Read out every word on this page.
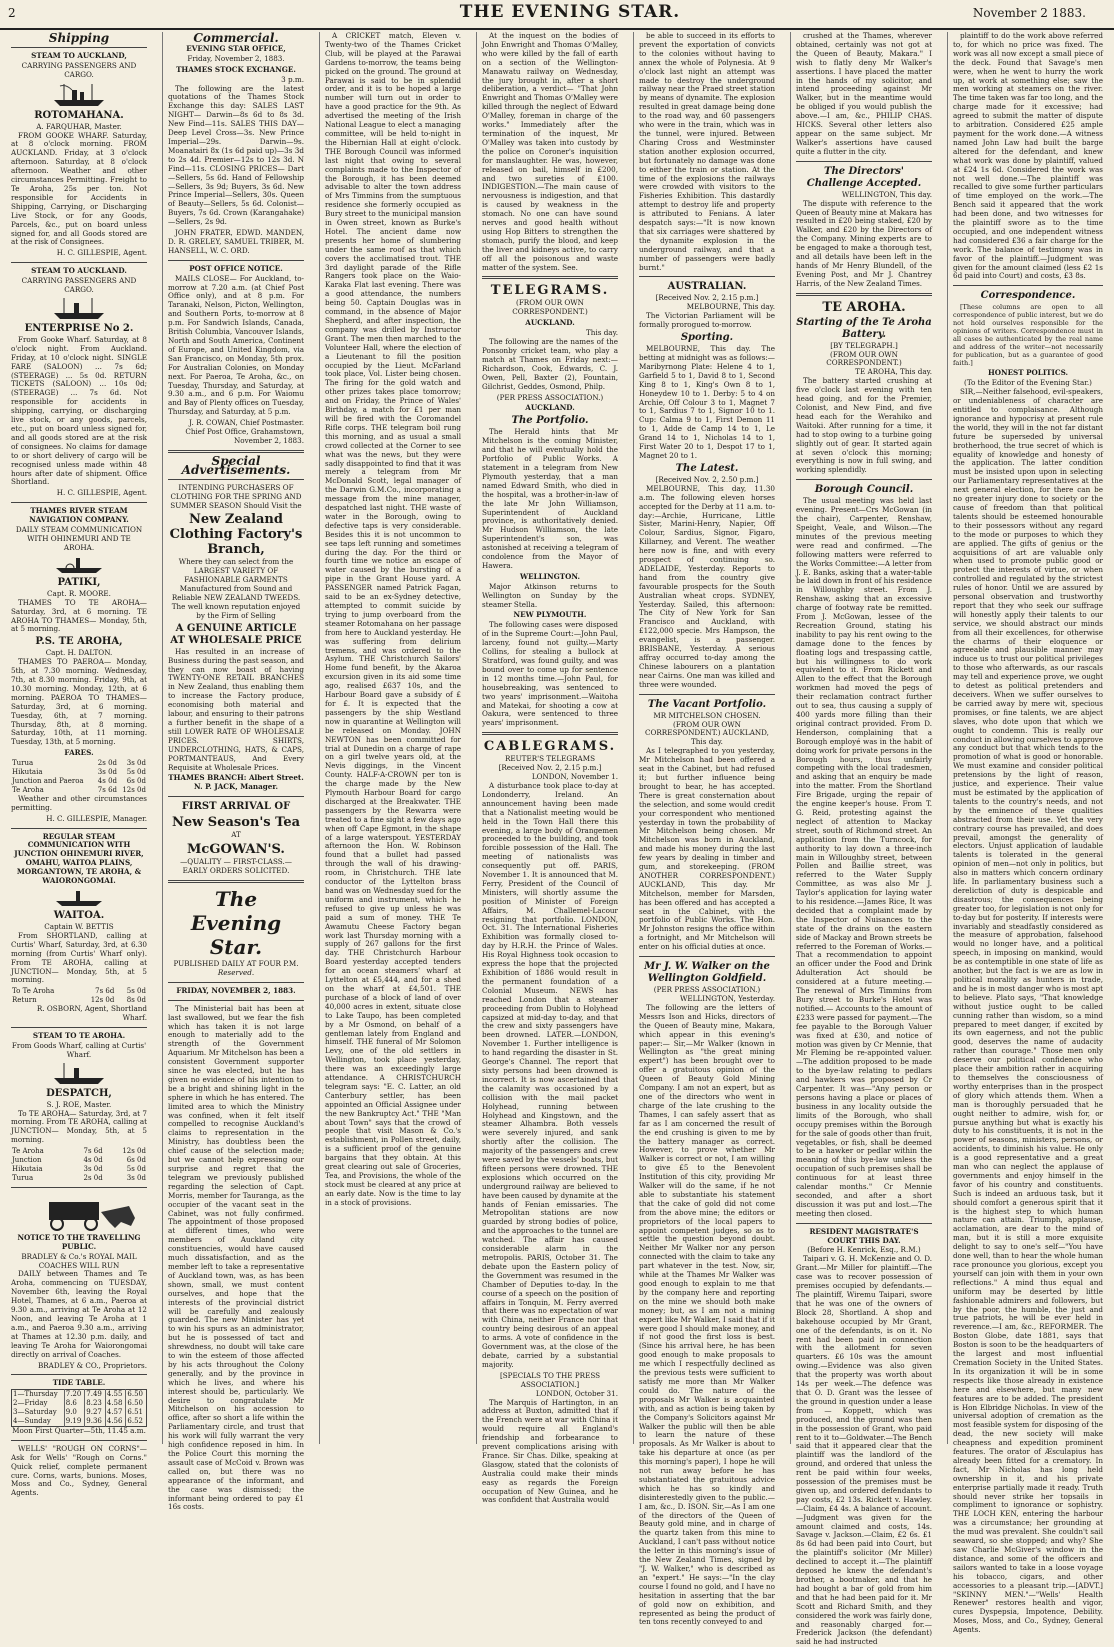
2	THE EVENING STAR.	November 2 1883.
Shipping
STEAM TO AUCKLAND,
CARRYING PASSENGERS AND CARGO.
ROTOMAHANA.
A. FARQUHAR, Master.

FROM GOOKE WHARF. Saturday, at 8 o'clock morning. FROM AUCKLAND. Friday, at 3 o'clock afternoon. Saturday, at 8 o'clock afternoon. Weather and other circumstances Permitting. Freight to Te Aroha, 25s per ton. Not responsible for Accidents in Shipping, Carrying, or Discharging Live Stock, or for any Goods, Parcels, &c., put on board unless signed for, and all Goods stored are at the risk of Consignees.

H. C. GILLESPIE, Agent.
STEAM TO AUCKLAND.
CARRYING PASSENGERS AND CARGO.
ENTERPRISE No 2.

From Gooke Wharf. Saturday, at 8 o'clock night. From Auckland. Friday, at 10 o'clock night. SINGLE FARE (SALOON) ... 7s 6d; (STEERAGE) ... 5s 0d. RETURN TICKETS (SALOON) ... 10s 0d; (STEERAGE) ... 7s 6d. Not responsible for accidents in shipping, carrying, or discharging live stock, or any goods, parcels, etc., put on board unless signed for, and all goods stored are at the risk of consignees. No claims for damage to or short delivery of cargo will be recognised unless made within 48 hours after date of shipment. Office Shortland.

H. C. GILLESPIE, Agent.
THAMES RIVER STEAM NAVIGATION COMPANY.
DAILY STEAM COMMUNICATION WITH OHINEMURI AND TE AROHA.
PATIKI,
Capt. R. MOORE.

THAMES TO TE AROHA— Saturday, 3rd, at 6 morning. TE AROHA TO THAMES— Monday, 5th, at 5 morning.

P.S. TE AROHA,
Capt. H. DALTON.

THAMES TO PAEROA— Monday, 5th, at 7.30 morning. Wednesday, 7th, at 8.30 morning. Friday, 9th, at 10.30 morning. Monday, 12th, at 6 morning. PAEROA TO THAMES— Saturday, 3rd, at 6 morning. Tuesday, 6th, at 7 morning. Thursday, 8th, at 8 morning. Saturday, 10th, at 11 morning. Tuesday, 13th, at 5 morning.

FARES.
Turua	2s 0d	3s 0d
Hikutaia	3s 0d	5s 0d
Junction and Paeroa	4s 0d	6s 0d
Te Aroha	7s 6d	12s 0d

Weather and other circumstances permitting.

H. C. GILLESPIE, Manager.
REGULAR STEAM COMMUNICATION WITH JUNCTION OHINEMURI RIVER, OMAHU, WAITOA PLAINS, MORGANTOWN, TE AROHA, & WAIORONGOMAI.
WAITOA.
Captain W. BETTIS

From SHORTLAND, calling at Curtis' Wharf, Saturday, 3rd, at 6.30 morning (from Curtis' Wharf only). From TE AROHA, calling at JUNCTION— Monday, 5th, at 5 morning.

To Te Aroha	7s 6d	5s 0d
Return	12s 0d	8s 0d
R. OSBORN, Agent, Shortland Wharf.
STEAM TO TE AROHA.
From Goods Wharf, calling at Curtis' Wharf.
DESPATCH,
S. J. ROE, Master.

To TE AROHA— Saturday, 3rd, at 7 morning. From TE AROHA, calling at JUNCTION— Monday, 5th, at 5 morning.

Te Aroha	7s 6d	12s 0d
Junction	4s 0d	6s 0d
Hikutaia	3s 0d	5s 0d
Turua	2s 0d	3s 0d
NOTICE TO THE TRAVELLING PUBLIC.
BRADLEY & Co.'s ROYAL MAIL COACHES WILL RUN

DAILY between Thames and Te Aroha, commencing on TUESDAY, November 6th, leaving the Royal Hotel, Thames, at 6 a.m., Paeroa at 9.30 a.m., arriving at Te Aroha at 12 Noon, and leaving Te Aroha at 1 a.m., and Paeroa 9.30 a.m., arriving at Thames at 12.30 p.m. daily, and leaving Te Aroha for Waiorongomai directly on arrival of Coaches.

BRADLEY & CO., Proprietors.
TIDE TABLE.
1—Thursday	7.20	7.49	4.55	6.50
2—Friday	8.6	8.23	4.58	6.50
3—Saturday	9.0	9.27	4.57	6.51
4—Sunday	9.19	9.36	4.56	6.52
Moon First Quarter—5th, 11.45 a.m.

WELLS' "ROUGH ON CORNS"—Ask for Wells' "Rough on Corns." Quick relief, complete permanent cure. Corns, warts, bunions. Moses, Moss and Co., Sydney, General Agents.

Commercial.
EVENING STAR OFFICE,
Friday, November 2, 1883.
THAMES STOCK EXCHANGE.
3 p.m.

The following are the latest quotations of the Thames Stock Exchange this day: SALES LAST NIGHT— Darwin—8s 6d to 8s 3d. New Find—11s. SALES THIS DAY— Deep Level Cross—3s. New Prince Imperial—29s. Darwin—9s. Moanatairi 8x (1s 6d paid up)—3s 3d to 2s 4d. Premier—12s to 12s 3d. N Find—11s. CLOSING PRICES— Dart—Sellers, 5s 6d. Hand of Fellowship—Sellers, 3s 9d; Buyers, 3s 6d. New Prince Imperial—Sellers, 30s. Queen of Beauty—Sellers, 5s 6d. Colonist—Buyers, 7s 6d. Crown (Karangahake)—Sellers, 2s 9d.

JOHN FRATER, EDWD. MANDEN, D. R. GRELEY, SAMUEL TRIBER, M. HANSELL, W. C. ORD.

POST OFFICE NOTICE.

MAILS CLOSE— For Auckland, to-morrow at 7.20 a.m. (at Chief Post Office only), and at 8 p.m. For Taranaki, Nelson, Picton, Wellington, and Southern Ports, to-morrow at 8 p.m. For Sandwich Islands, Canada, British Columbia, Vancouver Islands, North and South America, Continent of Europe, and United Kingdom, via San Francisco, on Monday, 5th prox. For Australian Colonies, on Monday next. For Paeroa, Te Aroha, &c., on Tuesday, Thursday, and Saturday, at 9.30 a.m., and 6 p.m. For Waiomu and Bay of Plenty offices on Tuesday, Thursday, and Saturday, at 5 p.m.

J. R. COWAN, Chief Postmaster. Chief Post Office, Grahamstown, November 2, 1883.
Special Advertisements.
INTENDING PURCHASERS OF CLOTHING FOR THE SPRING AND SUMMER SEASON Should Visit the
New Zealand Clothing Factory's Branch,
Where they can select from the LARGEST VARIETY OF FASHIONABLE GARMENTS Manufactured from Sound and Reliable NEW ZEALAND TWEEDS.
The well known reputation enjoyed by the Firm of Selling
A GENUINE ARTICLE AT WHOLESALE PRICE

Has resulted in an increase of Business during the past season, and they can now boast of having TWENTY-ONE RETAIL BRANCHES in New Zealand, thus enabling them to increase the Factory produce, economising both material and labour, and ensuring to their patrons a further benefit in the shape of a still LOWER RATE OF WHOLESALE PRICES. SHIRTS, UNDERCLOTHING, HATS, & CAPS, PORTMANTEAUS, And Every Requisite at Wholesale Prices.

THAMES BRANCH: Albert Street. N. P. JACK, Manager.
FIRST ARRIVAL OF
New Season's Tea
AT
McGOWAN'S.
—QUALITY — FIRST-CLASS.— EARLY ORDERS SOLICITED.
The Evening Star.
PUBLISHED DAILY AT FOUR P.M.
Reserved.
FRIDAY, NOVEMBER 2, 1883.

The Ministerial bait has been at last swallowed, but we fear the fish which has taken it is not large enough to materially add to the strength of the Government Aquarium. Mr Mitchelson has been a consistent Government supporter since he was elected, but he has given no evidence of his intention to be a bright and shining light in the sphere in which he has entered. The limited area to which the Ministry was confined, when it felt itself compelled to recognise Auckland's claims to representation in the Ministry, has doubtless been the chief cause of the selection made; but we cannot help expressing our surprise and regret that the telegram we previously published regarding the selection of Capt. Morris, member for Tauranga, as the occupier of the vacant seat in the Cabinet, was not fully confirmed. The appointment of those proposed at different times, who were members of Auckland city constituencies, would have caused much dissatisfaction, and as the member left to take a representative of Auckland town, was, as has been shown, small, we must content ourselves, and hope that the interests of the provincial district will be carefully and zealously guarded. The new Minister has yet to win his spurs as an administrator, but he is possessed of tact and shrewdness, no doubt will take care to win the esteem of those affected by his acts throughout the Colony generally, and by the province in which he lives, and where his interest should be, particularly. We desire to congratulate Mr Mitchelson on his accession to office, after so short a life within the Parliamentary circle, and trust that his work will fully warrant the very high confidence reposed in him. In the Police Court this morning the assault case of McCoid v. Brown was called on, but there was no appearance of the informant, and the case was dismissed; the informant being ordered to pay £1 16s costs.

A CRICKET match, Eleven v. Twenty-two of the Thames Cricket Club, will be played at the Parawai Gardens to-morrow, the teams being picked on the ground. The ground at Parawai is said to be in splendid order, and it is to be hoped a large number will turn out in order to have a good practice for the 9th. As advertised the meeting of the Irish National League to elect a managing committee, will be held to-night in the Hibernian Hall at eight o'clock. THE Borough Council was informed last night that owing to several complaints made to the Inspector of the Borough, it has been deemed advisable to alter the town address of Mrs Timmins from the sumptuous residence she formerly occupied as Bury street to the municipal mansion in Owen street, known as Burke's Hotel. The ancient dame now presents her home of slumbering under the same roof as that which covers the acclimatised trout. THE 3rd daylight parade of the Rifle Rangers took place on the Waio-Karaka Flat last evening. There was a good attendance, the numbers being 50. Captain Douglas was in command, in the absence of Major Shepherd, and after inspection, the company was drilled by Instructor Grant. The men then marched to the Volunteer Hall, where the election of a Lieutenant to fill the position occupied by the Lieut. McFarland took place, Vol. Lister being chosen. The firing for the gold watch and other prizes takes place tomorrow; and on Friday, the Prince of Wales' Birthday, a match for £1 per man will be fired with the Coromandel Rifle corps. THE telegram boil rung this morning, and as usual a small crowd collected at the Corner to see what was the news, but they were sadly disappointed to find that it was merely a telegram from Mr McDonald Scott, legal manager of the Darwin G.M.Co., incorporating a message from the mine manager, despatched last night. THE waste of water in the Borough, owing to defective taps is very considerable. Besides this it is not uncommon to see taps left running and sometimes during the day. For the third or fourth time we notice an escape of water caused by the bursting of a pipe in the Grant House yard. A PASSENGER named Patrick Fagan, said to be an ex-Sydney detective, attempted to commit suicide by trying to jump overboard from the steamer Rotomahana on her passage from here to Auckland yesterday. He was suffering from delirium tremens, and was ordered to the Asylum. THE Christchurch Sailors' Home fund benefit, by the Akaroa excursion given in its aid some time ago, realised £637 10s, and the Harbour Board gave a subsidy of £ for £. It is expected that the passengers by the ship Westland now in quarantine at Wellington will be released on Monday. JOHN NEWTON has been committed for trial at Dunedin on a charge of rape on a girl twelve years old, at the Nevis diggings, in the Vincent County. HALF-A-CROWN per ton is the charge made by the New Plymouth Harbour Board for cargo discharged at the Breakwater. THE passengers by the Rewarra were treated to a fine sight a few days ago when off Cape Egmont, in the shape of a large waterspout. YESTERDAY afternoon the Hon. W. Robinson found that a bullet had passed through the wall of his drawing-room, in Christchurch. THE late conductor of the Lyttelton brass band was on Wednesday sued for the uniform and instrument, which he refused to give up unless he was paid a sum of money. THE Te Awamutu Cheese Factory began work last Thursday morning with a supply of 267 gallons for the first day. THE Christchurch Harbour Board yesterday accepted tenders for an ocean steamers' wharf at Lyttelton at £5,444, and for a shed on the wharf at £4,501. THE purchase of a block of land of over 40,000 acres in extent, situate close to Lake Taupo, has been completed by a Mr Osmond, on behalf of a gentleman lately from England and himself. THE funeral of Mr Solomon Levy, one of the old settlers in Wellington, took place yesterday, there was an exceedingly large attendance. A CHRISTCHURCH telegram says: "E. C. Latter, an old Canterbury settler, has been appointed an Official Assignee under the new Bankruptcy Act." THE "Man about Town" says that the crowd of people that visit Mason & Co.'s establishment, in Pollen street, daily, is a sufficient proof of the genuine bargains that they obtain. At this great clearing out sale of Groceries, Tea, and Provisions, the whole of the stock must be cleared at any price at an early date. Now is the time to lay in a stock of provisions.

At the inquest on the bodies of John Enwright and Thomas O'Malley, who were killed by the fall of earth on a section of the Wellington-Manawatu railway on Wednesday, the jury brought in, after a short deliberation, a verdict— "That John Enwright and Thomas O'Malley were killed through the neglect of Edward O'Malley, foreman in charge of the works." Immediately after the termination of the inquest, Mr O'Malley was taken into custody by the police on Coroner's inquisition for manslaughter. He was, however, released on bail, himself in £200, and two sureties of £100. INDIGESTION.—The main cause of nervousness is indigestion, and that is caused by weakness in the stomach. No one can have sound nerves and good health without using Hop Bitters to strengthen the stomach, purify the blood, and keep the liver and kidneys active, to carry off all the poisonous and waste matter of the system. See.

TELEGRAMS.
(FROM OUR OWN CORRESPONDENT.)
AUCKLAND.
This day.

The following are the names of the Ponsonby cricket team, who play a match at Thames on Friday next:—Richardson, Cook, Edwards, C. J. Owen, Pell, Baxter (2), Fountain, Gilchrist, Geddes, Osmond, Philp.

(PER PRESS ASSOCIATION.)
AUCKLAND.
The Portfolio.

The Herald hints that Mr Mitchelson is the coming Minister, and that he will eventually hold the Portfolio of Public Works. A statement in a telegram from New Plymouth yesterday, that a man named Edward Smith, who died in the hospital, was a brother-in-law of the late Mr John Williamson, Superintendent of Auckland province, is authoritatively denied. Mr Hudson Williamson, the late Superintendent's son, was astonished at receiving a telegram of condolence from the Mayor of Hawera.

WELLINGTON.

Major Atkinson returns to Wellington on Sunday by the steamer Stella.

NEW PLYMOUTH.

The following cases were disposed of in the Supreme Court:—John Paul, larceny, found not guilty.—Marty Collins, for stealing a bullock at Stratford, was found guilty, and was bound over to come up for sentence in 12 months time.—John Paul, for housebreaking, was sentenced to two years' imprisonment.—Waitoha and Matekai, for shooting a cow at Oakura, were sentenced to three years' imprisonment.

CABLEGRAMS.
REUTER'S TELEGRAMS
[Received Nov. 2, 2.15 p.m.]
LONDON, November 1.

A disturbance took place to-day at Londonderry, Ireland. An announcement having been made that a Nationalist meeting would be held in the Town Hall there this evening, a large body of Orangemen proceeded to the building, and took forcible possession of the Hall. The meeting of nationalists was consequently put off. PARIS, November 1. It is announced that M. Ferry, President of the Council of Ministers, will shortly assume the position of Minister of Foreign Affairs, M. Challemel-Lacour resigning that portfolio. LONDON, Oct. 31. The International Fisheries Exhibition was formally closed to-day by H.R.H. the Prince of Wales. His Royal Highness took occasion to express the hope that the projected Exhibition of 1886 would result in the permanent foundation of a Colonial Museum. NEWS has reached London that a steamer proceeding from Dublin to Holyhead capsized at mid-day to-day, and that the crew and sixty passengers have been drowned. LATER.—LONDON, November 1. Further intelligence is to hand regarding the disaster in St. George's Channel. The report that sixty persons had been drowned is incorrect. It is now ascertained that the calamity was occasioned by a collision with the mail packet Holyhead, running between Holyhead and Kingstown, and the steamer Alhambra. Both vessels were severely injured, and sank shortly after the collision. The majority of the passengers and crew were saved by the vessels' boats, but fifteen persons were drowned. THE explosions which occurred on the underground railway are believed to have been caused by dynamite at the hands of Fenian emissaries. The Metropolitan stations are now guarded by strong bodies of police, and the approaches to the tunnel are watched. The affair has caused considerable alarm in the metropolis. PARIS, October 31. The debate upon the Eastern policy of the Government was resumed in the Chamber of Deputies to-day. In the course of a speech on the position of affairs in Tonquin, M. Ferry averred that there was no expectation of war with China, neither France nor that country being desirous of an appeal to arms. A vote of confidence in the Government was, at the close of the debate, carried by a substantial majority.

[SPECIALS TO THE PRESS ASSOCIATION.]
LONDON, October 31.

The Marquis of Hartington, in an address at Buxton, admitted that if the French were at war with China it would require all England's friendship and forbearance to prevent complications arising with France. Sir Chas. Dilke, speaking at Glasgow, stated that the colonists of Australia could make their minds easy as regards the Foreign occupation of New Guinea, and he was confident that Australia would

be able to succeed in its efforts to prevent the exportation of convicts to the colonies without having to annex the whole of Polynesia. At 9 o'clock last night an attempt was made to destroy the underground railway near the Praed street station by means of dynamite. The explosion resulted in great damage being done to the road way, and 60 passengers who were in the train, which was in the tunnel, were injured. Between Charing Cross and Westminster station another explosion occurred, but fortunately no damage was done to either the train or station. At the time of the explosions the railways were crowded with visitors to the Fisheries Exhibition. This dastardly attempt to destroy life and property is attributed to Fenians. A later despatch says:—"It is now known that six carriages were shattered by the dynamite explosion in the underground railway, and that a number of passengers were badly burnt."

AUSTRALIAN.
[Received Nov. 2, 2.15 p.m.]
MELBOURNE, This day.

The Victorian Parliament will be formally prorogued to-morrow.

Sporting.

MELBOURNE, This day. The betting at midnight was as follows:—Maribyrnong Plate: Helene 4 to 1, Garfield 5 to 1, David 8 to 1, Second King 8 to 1, King's Own 8 to 1, Honeydew 10 to 1. Derby: 5 to 4 on Archie, Off Colour 3 to 1, Magnet 7 to 1, Sardius 7 to 1, Signor 10 to 1. Cup: Calma 9 to 1, First Demon 11 to 1, Adde de Camp 14 to 1, Le Grand 14 to 1, Nicholas 14 to 1, First Water 20 to 1, Despot 17 to 1, Magnet 20 to 1.

The Latest.
[Received Nov. 2, 2.50 p.m.]

MELBOURNE, This day, 11.30 a.m. The following eleven horses accepted for the Derby at 11 a.m. to-day:—Archie, Hurricane, Little Sister, Marini-Henry, Napier, Off Colour, Sardius, Signor, Figaro, Killarney, and Verent. The weather here now is fine, and with every prospect of continuing so. ADELAIDE, Yesterday. Reports to hand from the country give favourable prospects for the South Australian wheat crops. SYDNEY, Yesterday. Sailed, this afternoon: The City of New York for San Francisco and Auckland, with £122,000 specie. Mrs Hampson, the evangelist, is a passenger. BRISBANE, Yesterday. A serious affray occurred to-day among the Chinese labourers on a plantation near Cairns. One man was killed and three were wounded.

The Vacant Portfolio.
MR MITCHELSON CHOSEN.
(FROM OUR OWN CORRESPONDENT.) AUCKLAND, This day.

As I telegraphed to you yesterday, Mr Mitchelson had been offered a seat in the Cabinet, but had refused it; but further influence being brought to bear, he has accepted. There is great consternation about the selection, and some would credit your correspondent who mentioned yesterday in town the probability of Mr Mitchelson being chosen. Mr Mitchelson was born in Auckland, and made his money during the last few years by dealing in timber and gum, and storekeeping. (FROM ANOTHER CORRESPONDENT.) AUCKLAND, This day. Mr Mitchelson, member for Marsden, has been offered and has accepted a seat in the Cabinet, with the portfolio of Public Works. The Hon. Mr Johnston resigns the office within a fortnight, and Mr Mitchelson will enter on his official duties at once.

Mr J. W. Walker on the Wellington Goldfield.
(PER PRESS ASSOCIATION.)
WELLINGTON, Yesterday.

The following are the letters of Messrs Ison and Hicks, directors of the Queen of Beauty mine, Makara, which appear in this evening's paper:— Sir,—Mr Walker (known in Wellington as "the great mining expert") has been brought over to offer a gratuitous opinion of the Queen of Beauty Gold Mining Company. I am not an expert, but as one of the directors who went in charge of the late crushing to the Thames, I can safely assert that as far as I am concerned the result of the end crushing is given to me by the battery manager as correct. However, to prove whether Mr Walker is correct or not, I am willing to give £5 to the Benevolent Institution of this city, providing Mr Walker will do the same, if he not able to substantiate his statement that the cake of gold did not come from the above mine; the editors or proprietors of the local papers to appoint competent judges, so as to settle the question beyond doubt. Neither Mr Walker nor any person connected with the claim to take any part whatever in the test. Now, sir, while at the Thames Mr Walker was good enough to explain to me that by the company here and reporting on the mine we should both make money; but, as I am not a mining expert like Mr Walker, I said that if it were good I should make money, and if not good the first loss is best. (Since his arrival here, he has been good enough to make proposals to me which I respectfully declined as the previous tests were sufficient to satisfy me more than Mr Walker could do. The nature of the proposals Mr Walker is acquainted with, and as action is being taken by the Company's Solicitors against Mr Walker the public will then be able to learn the nature of these proposals. As Mr Walker is about to take his departure at once (as per this morning's paper), I hope he will not run away before he has substantiated the gratuitous advice which he has so kindly and disinterestedly given to the public.—I am, &c., D. ISON. Sir,—As I am one of the directors of the Queen of Beauty gold mine, and in charge of the quartz taken from this mine to Auckland, I can't pass without notice the letter in this morning's issue of the New Zealand Times, signed by "J. W. Walker," who is described as an "expert." He says:—"In the clay course I found no gold, and I have no hesitation in asserting that the bar of gold now on exhibition, and represented as being the product of ten tons recently conveyed to and

crushed at the Thames, wherever obtained, certainly was not got at the Queen of Beauty, Makara." I wish to flatly deny Mr Walker's assertions. I have placed the matter in the hands of my solicitor, and intend proceeding against Mr Walker, but in the meantime would be obliged if you would publish the above.—I am, &c., PHILIP CHAS. HICKS. Several other letters also appear on the same subject. Mr Walker's assertions have caused quite a flutter in the city.

The Directors' Challenge Accepted.
WELLINGTON, This day.

The dispute with reference to the Queen of Beauty mine at Makara has resulted in £20 being staked, £20 by Walker, and £20 by the Directors of the Company. Mining experts are to be engaged to make a thorough test, and all details have been left in the hands of Mr Henry Blundell, of the Evening Post, and Mr J. Chantrey Harris, of the New Zealand Times.

TE AROHA.
Starting of the Te Aroha Battery.
[BY TELEGRAPH.]
(FROM OUR OWN CORRESPONDENT.)
TE AROHA, This day.

The battery started crushing at five o'clock last evening with ten head going, and for the Premier, Colonist, and New Find, and five head each for the Werahiko and Waitoki. After running for a time, it had to stop owing to a turbine going slightly out of gear. It started again at seven o'clock this morning; everything is now in full swing, and working splendidly.

Borough Council.

The usual meeting was held last evening. Present—Crs McGowan (in the chair), Carpenter, Renshaw, Speight, Veale, and Wilson.—The minutes of the previous meeting were read and confirmed. —The following matters were referred to the Works Committee:—A letter from J. E. Banks, asking that a water-table be laid down in front of his residence in Willoughby street. From J. Renshaw, asking that an excessive charge of footway rate be remitted. From J. McGowan, lessee of the Recreation Ground, stating his inability to pay his rent owing to the damage done to the fences by floating logs and trespassing cattle, but his willingness to do work equivalent to it. From Rickett and Allen to the effect that the Borough workmen had moved the pegs of their reclamation contract further out to sea, thus causing a supply of 400 yards more filling than their original contract provided. From D. Henderson, complaining that a Borough employé was in the habit of doing work for private persons in the Borough hours, thus unfairly competing with the local tradesmen, and asking that an enquiry be made into the matter. From the Shortland Fire Brigade, urging the repair of the engine keeper's house. From T. G. Reid, protesting against the neglect of attention to Mackay street, south of Richmond street. An application from the Turncock, for authority to lay down a three-inch main in Willoughby street, between Pollen and Baillie street, was referred to the Water Supply Committee, as was also Mr J. Taylor's application for laying water to his residence.—James Rice, It was decided that a complaint made by the Inspector of Nuisances to the state of the drains on the eastern side of Mackay and Brown streets be referred to the Foreman of Works.—That a recommendation to appoint an officer under the Food and Drink Adulteration Act should be considered at a future meeting.—The renewal of Mrs Timmins from Bury street to Burke's Hotel was notified.— Accounts to the amount of £233 were passed for payment.—The fee payable to the Borough Valuer was fixed at £30, and notice of motion was given by Cr Mennie, that Mr Fleming be re-appointed valuer.—The addition proposed to be made to the bye-law relating to pedlars and hawkers was proposed by Cr Carpenter. It was—"Any person or persons having a place or places of business in any locality outside the limits of the Borough, who shall occupy premises within the Borough for the sale of goods other than fruit, vegetables, or fish, shall be deemed to be a hawker or pedlar within the meaning of this bye-law unless the occupation of such premises shall be continuous for at least three calendar months." Cr Mennie seconded, and after a short discussion it was put and lost.—The meeting then closed.

RESIDENT MAGISTRATE'S COURT THIS DAY.
(Before H. Kenrick, Esq., R.M.)

Taipari v. G. H. McKenzie and O. D. Grant.—Mr Miller for plaintiff.—The case was to recover possession of premises occupied by defendants.—The plaintiff, Wiremu Taipari, swore that he was one of the owners of Block 28, Shortland. A shop and bakehouse occupied by Mr Grant, one of the defendants, is on it. No rent had been paid in connection with the allotment for seven quarters. £6 10s was the amount owing.—Evidence was also given that the property was worth about 14s per week.—The defence was that O. D. Grant was the lessee of the ground in question under a lease from — Koppett, which was produced, and the ground was then in the possession of Grant, who paid rent to it to—Goldwater.—The Bench said that it appeared clear that the plaintiff was the landlord of the ground, and ordered that unless the rent be paid within four weeks, possession of the premises must be given up, and ordered defendants to pay costs, £2 13s. Rickett v. Hawley.—Claim, £4 4s. A balance of account.—Judgment was given for the amount claimed and costs, 14s. Savage v. Jackson.—Claim, £2 6s. £1 8s 6d had been paid into Court, but the plaintiff's solicitor (Mr Miller) declined to accept it.—The plaintiff deposed he knew the defendant's brother, a bootmaker, and that he had bought a bar of gold from him and that he had been paid for it. Mr Scott and Richard Smith, and they considered the work was fairly done, and reasonably charged for.—Frederick Jackson (the defendant) said he had instructed

plaintiff to do the work above referred to, for which no price was fixed. The work was all now except a small piece of the deck. Found that Savage's men were, when he went to hurry the work up, at work at something else; saw the men working at steamers on the river. The time taken was far too long, and the charge made for it excessive; had agreed to submit the matter of dispute to arbitration. Considered £25 ample payment for the work done.—A witness named John Law had built the barge altered for the defendant, and knew what work was done by plaintiff, valued at £24 1s 6d. Considered the work was not well done.—The plaintiff was recalled to give some further particulars of time employed on the work.—The Bench said it appeared that the work had been done, and two witnesses for the plaintiff swore as to the time occupied, and one independent witness had considered £36 a fair charge for the work. The balance of testimony was in favor of the plaintiff.—Judgment was given for the amount claimed (less £2 1s 6d paid into Court) and costs, £3 8s.

Correspondence.

[These columns are open to all correspondence of public interest, but we do not hold ourselves responsible for the opinions of writers. Correspondence must in all cases be authenticated by the real name and address of the writer—not necessarily for publication, but as a guarantee of good faith.]

HONEST POLITICS.
(To the Editor of the Evening Star.)

SIR,—Neither falsehood, evil-speakers, or undeniableness of character are entitled to complaisance. Although ignorance and hypocrisy at present rule the world, they will in the not far distant future be superseded by universal brotherhood, the true secret of which is equality of knowledge and honesty of the application. The latter condition must be insisted upon upon in selecting our Parliamentary representatives at the next general election, for there can be no greater injury done to society or the cause of freedom than that political talents should be esteemed honourable to their possessors without any regard to the mode or purposes to which they are applied. The gifts of genius or the acquisitions of art are valuable only when used to promote public good or protect the interests of virtue, or when controlled and regulated by the strictest rules of honor. Until we are assured by personal observation and trustworthy report that they who seek our suffrage will honestly apply their talents to our service, we should abstract our minds from all their excellences, for otherwise the charms of their eloquence or agreeable and plausible manner may induce us to trust our political privileges to those who afterwards, as our rascals may tell and experience prove, we ought to detest as political pretenders and deceivers. When we suffer ourselves to be carried away by mere wit, specious promises, or fine talents, we are abject slaves, who dote upon that which we ought to condemn. This is really our conduct in allowing ourselves to approve any conduct but that which tends to the promotion of what is good or honorable. We must examine and consider political pretensions by the light of reason, justice, and experience. Their value must be estimated by the application of talents to the country's needs, and not by the eminence of these qualities abstracted from their use. Yet the very contrary course has prevailed, and does prevail, amongst the generality of electors. Unjust application of laudable talents is tolerated in the general opinion of men—not only in politics, but also in matters which concern ordinary life. In parliamentary business such a dereliction of duty is despicable and disastrous; the consequences being greater too, for legislation is not only for to-day but for posterity. If interests were invariably and steadfastly considered as the measure of approbation, falsehood would no longer have, and a political speech, in imposing on mankind, would be as contemptible in one state of life as another, but the fact is we are as low in political morality as hunters in trade, and he is in most danger who is most apt to believe. Plato says, "That knowledge without justice ought to be called cunning rather than wisdom, so a mind prepared to meet danger, if excited by its own eagerness, and not the public good, deserves the name of audacity rather than courage." Those men only deserve our political confidence who place their ambition rather in acquiring to themselves the consciousness of worthy enterprises than in the prospect of glory which attends them. When a man is thoroughly persuaded that he ought neither to admire, wish for, or pursue anything but what is exactly his duty to his constituents, it is not in the power of seasons, ministers, persons, or accidents, to diminish his value. He only is a good representative and a great man who can neglect the applause of governments and enjoy himself in the favor of his country and constituents. Such is indeed an arduous task, but it should comfort a generous spirit that it is the highest step to which human nature can attain. Triumph, applause, acclamation, are dear to the mind of man, but it is still a more exquisite delight to say to one's self—"You have done well, than to hear the whole human race pronounce you glorious, except you yourself can join with them in your own reflections." A mind thus equal and uniform may be deserted by little fashionable admirers and followers, but by the poor, the humble, the just and true patriots, he will be ever held in reverence.—I am, &c., REFORMER. The Boston Globe, date 1881, says that Boston is soon to be the headquarters of the largest and most influential Cremation Society in the United States. In its organization it will be in some respects like those already in existence here and elsewhere, but many new features are to be added. The president is Hon Elbridge Nicholas. In view of the universal adoption of cremation as the most feasible system for disposing of the dead, the new society will make cheapness and expedition prominent features. The orator of Æsculapius has already been fitted for a crematory. In fact, Mr Nicholas has long held ownership in it, and his private enterprise partially made it ready. Truth should never strike her topsails in compliment to ignorance or sophistry. THE LOCH KEN, entering the harbour was a circumstance; her grounding at the mud was prevalent. She couldn't sail seaward, so she stopped; and why? She saw Charlie McGiver's window in the distance, and some of the officers and sailors wanted to take in a loose voyage his tobacco, cigars, and other accessories to a pleasant trip.—[ADVT.] "SKINNY MEN."—"Wells' Health Renewer" restores health and vigor, cures Dyspepsia, Impotence, Debility. Moses, Moss, and Co., Sydney, General Agents.
